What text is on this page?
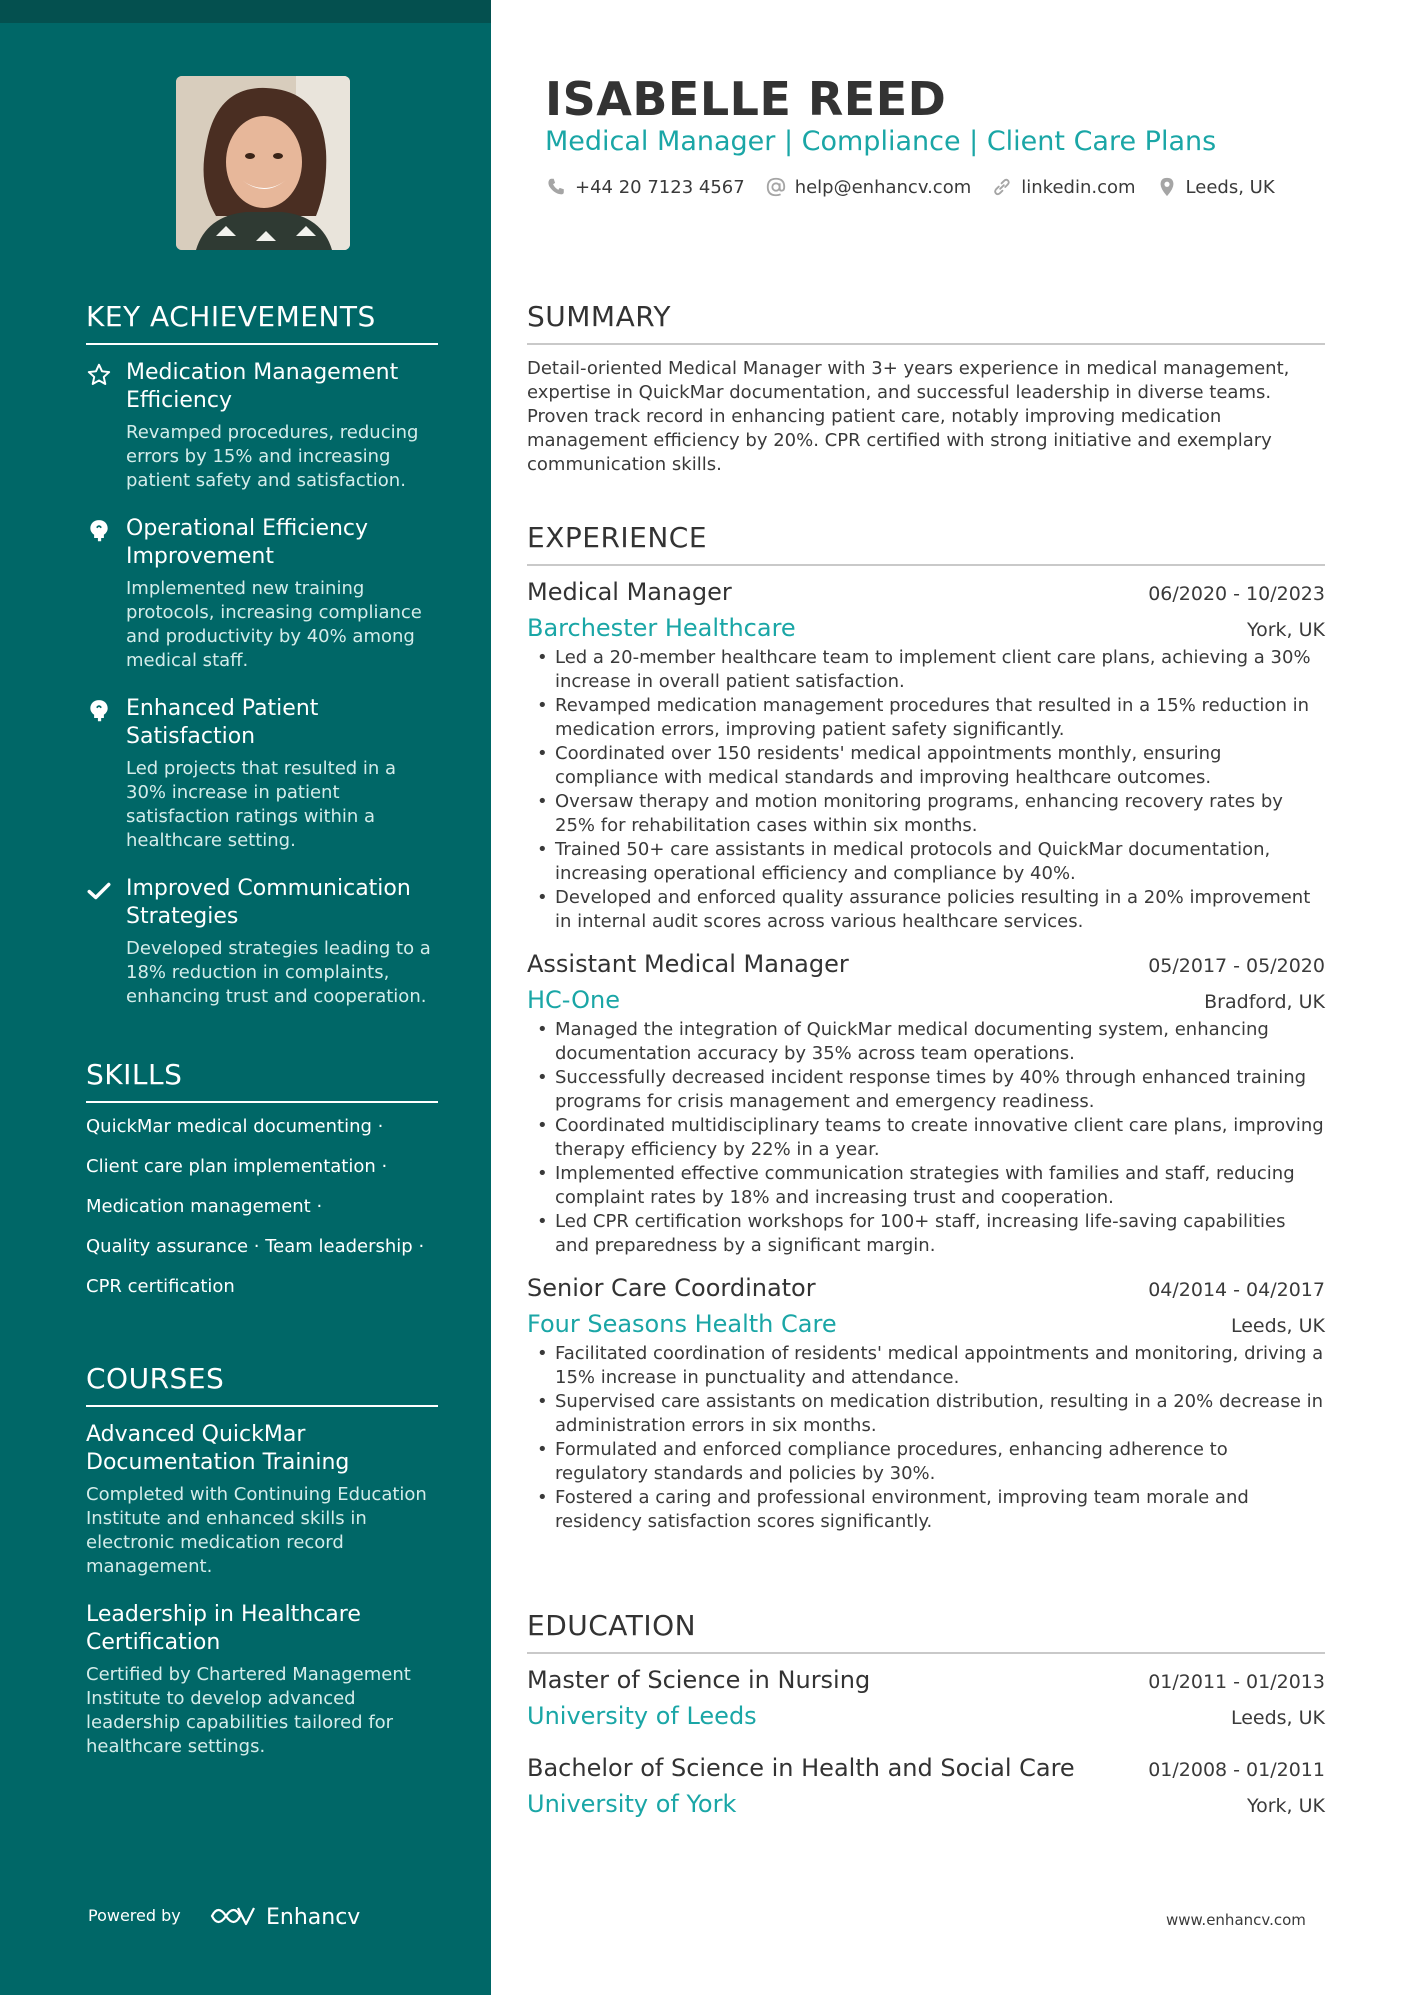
KEY ACHIEVEMENTS
Medication Management Efficiency
Revamped procedures, reducing errors by 15% and increasing patient safety and satisfaction.
Operational Efficiency Improvement
Implemented new training protocols, increasing compliance and productivity by 40% among medical staff.
Enhanced Patient Satisfaction
Led projects that resulted in a 30% increase in patient satisfaction ratings within a healthcare setting.
Improved Communication Strategies
Developed strategies leading to a 18% reduction in complaints, enhancing trust and cooperation.
SKILLS
QuickMar medical documenting ·
Client care plan implementation ·
Medication management ·
Quality assurance · Team leadership ·
CPR certification
COURSES
Advanced QuickMar Documentation Training
Completed with Continuing Education Institute and enhanced skills in electronic medication record management.
Leadership in Healthcare Certification
Certified by Chartered Management Institute to develop advanced leadership capabilities tailored for healthcare settings.
Powered by	Enhancv
ISABELLE REED
Medical Manager | Compliance | Client Care Plans
+44 20 7123 4567	help@enhancv.com	linkedin.com	Leeds, UK
SUMMARY
Detail-oriented Medical Manager with 3+ years experience in medical management, expertise in QuickMar documentation, and successful leadership in diverse teams. Proven track record in enhancing patient care, notably improving medication management efficiency by 20%. CPR certified with strong initiative and exemplary communication skills.
EXPERIENCE
Medical Manager	06/2020 - 10/2023
Barchester Healthcare	York, UK
• Led a 20-member healthcare team to implement client care plans, achieving a 30% increase in overall patient satisfaction.
• Revamped medication management procedures that resulted in a 15% reduction in medication errors, improving patient safety significantly.
• Coordinated over 150 residents' medical appointments monthly, ensuring compliance with medical standards and improving healthcare outcomes.
• Oversaw therapy and motion monitoring programs, enhancing recovery rates by 25% for rehabilitation cases within six months.
• Trained 50+ care assistants in medical protocols and QuickMar documentation, increasing operational efficiency and compliance by 40%.
• Developed and enforced quality assurance policies resulting in a 20% improvement in internal audit scores across various healthcare services.
Assistant Medical Manager	05/2017 - 05/2020
HC-One	Bradford, UK
• Managed the integration of QuickMar medical documenting system, enhancing documentation accuracy by 35% across team operations.
• Successfully decreased incident response times by 40% through enhanced training programs for crisis management and emergency readiness.
• Coordinated multidisciplinary teams to create innovative client care plans, improving therapy efficiency by 22% in a year.
• Implemented effective communication strategies with families and staff, reducing complaint rates by 18% and increasing trust and cooperation.
• Led CPR certification workshops for 100+ staff, increasing life-saving capabilities and preparedness by a significant margin.
Senior Care Coordinator	04/2014 - 04/2017
Four Seasons Health Care	Leeds, UK
• Facilitated coordination of residents' medical appointments and monitoring, driving a 15% increase in punctuality and attendance.
• Supervised care assistants on medication distribution, resulting in a 20% decrease in administration errors in six months.
• Formulated and enforced compliance procedures, enhancing adherence to regulatory standards and policies by 30%.
• Fostered a caring and professional environment, improving team morale and residency satisfaction scores significantly.
EDUCATION
Master of Science in Nursing	01/2011 - 01/2013
University of Leeds	Leeds, UK
Bachelor of Science in Health and Social Care	01/2008 - 01/2011
University of York	York, UK
www.enhancv.com
